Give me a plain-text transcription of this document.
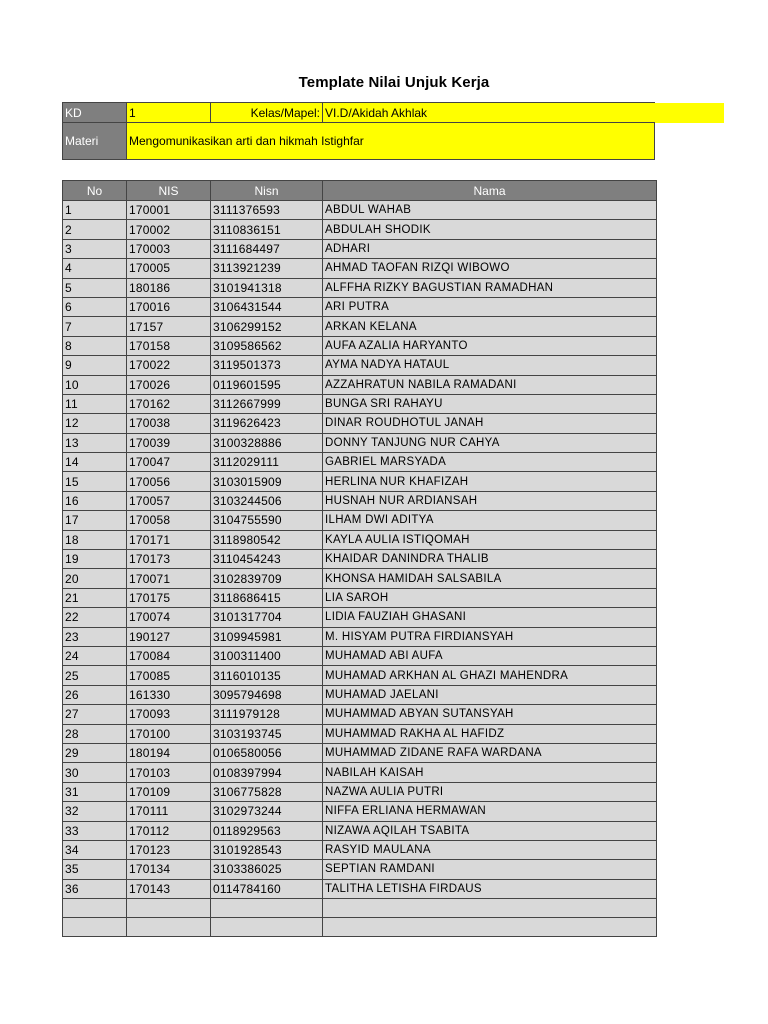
Template Nilai Unjuk Kerja
KD	1	Kelas/Mapel:	VI.D/Akidah Akhlak	
Materi	Mengomunikasikan arti dan hikmah Istighfar			
No	NIS	Nisn	Nama
1	170001	3111376593	ABDUL WAHAB
2	170002	3110836151	ABDULAH SHODIK
3	170003	3111684497	ADHARI
4	170005	3113921239	AHMAD TAOFAN RIZQI WIBOWO
5	180186	3101941318	ALFFHA RIZKY BAGUSTIAN RAMADHAN
6	170016	3106431544	ARI PUTRA
7	17157	3106299152	ARKAN KELANA
8	170158	3109586562	AUFA AZALIA HARYANTO
9	170022	3119501373	AYMA NADYA HATAUL
10	170026	0119601595	AZZAHRATUN NABILA RAMADANI
11	170162	3112667999	BUNGA SRI RAHAYU
12	170038	3119626423	DINAR ROUDHOTUL JANAH
13	170039	3100328886	DONNY TANJUNG NUR CAHYA
14	170047	3112029111	GABRIEL MARSYADA
15	170056	3103015909	HERLINA NUR KHAFIZAH
16	170057	3103244506	HUSNAH NUR ARDIANSAH
17	170058	3104755590	ILHAM DWI ADITYA
18	170171	3118980542	KAYLA AULIA ISTIQOMAH
19	170173	3110454243	KHAIDAR DANINDRA THALIB
20	170071	3102839709	KHONSA HAMIDAH SALSABILA
21	170175	3118686415	LIA SAROH
22	170074	3101317704	LIDIA FAUZIAH GHASANI
23	190127	3109945981	M. HISYAM PUTRA FIRDIANSYAH
24	170084	3100311400	MUHAMAD ABI AUFA
25	170085	3116010135	MUHAMAD ARKHAN AL GHAZI MAHENDRA
26	161330	3095794698	MUHAMAD JAELANI
27	170093	3111979128	MUHAMMAD ABYAN SUTANSYAH
28	170100	3103193745	MUHAMMAD RAKHA AL HAFIDZ
29	180194	0106580056	MUHAMMAD ZIDANE RAFA WARDANA
30	170103	0108397994	NABILAH KAISAH
31	170109	3106775828	NAZWA AULIA PUTRI
32	170111	3102973244	NIFFA ERLIANA HERMAWAN
33	170112	0118929563	NIZAWA AQILAH TSABITA
34	170123	3101928543	RASYID MAULANA
35	170134	3103386025	SEPTIAN RAMDANI
36	170143	0114784160	TALITHA LETISHA FIRDAUS
